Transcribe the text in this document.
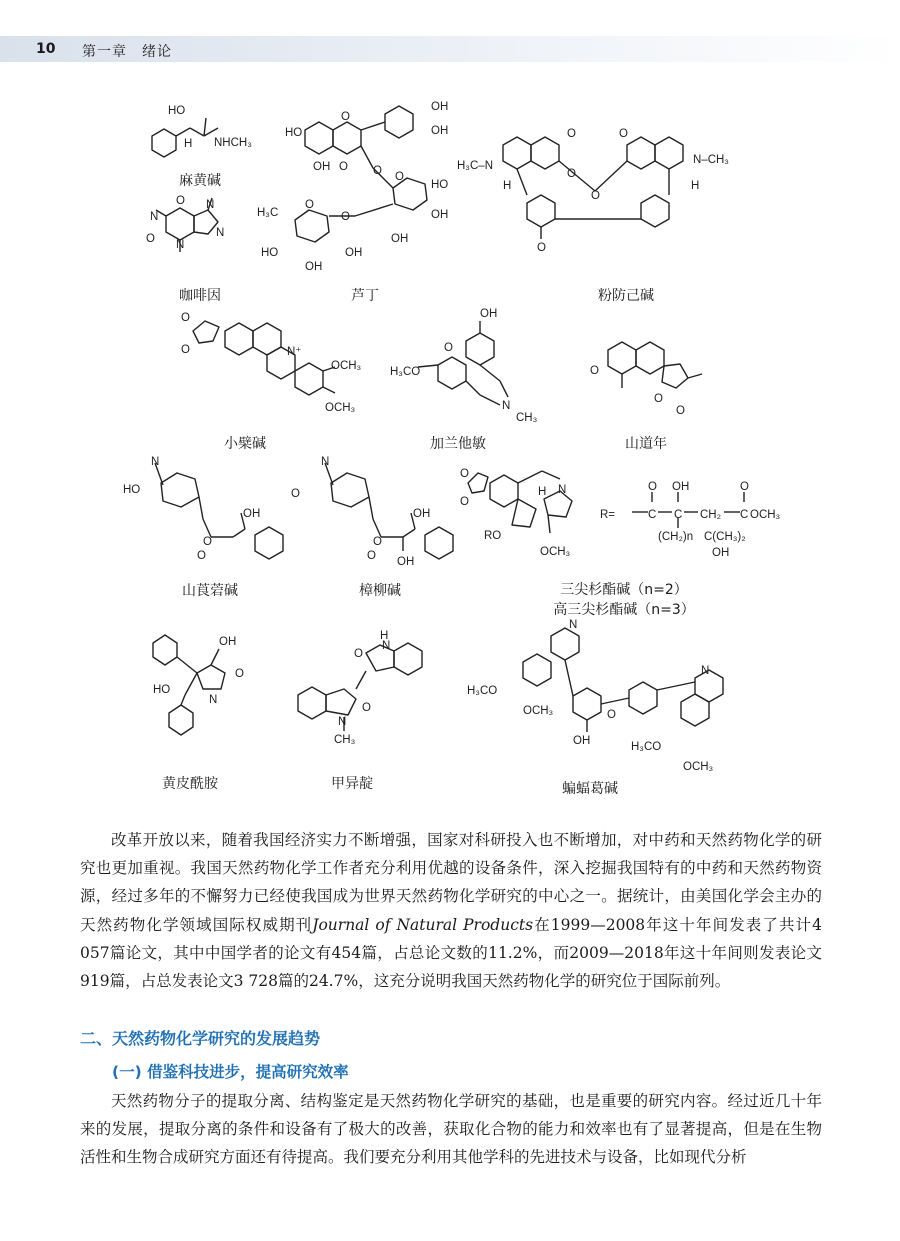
10 第一章　绪论
HO
H NHCH₃
麻黄碱
HO
OH
OH
O
O
OH	O O
O
HO
OH
OH
O
H₃C
HO
OH
OH
芦丁
O
N
N
O N
N
咖啡因
O
O
N–CH₃
H
H₃C–N
H
O
O
O
粉防己碱
O
O	N⁺
OCH₃
OCH₃
小檗碱
OH
O
H₃CO
N
CH₃
加兰他敏
O
O
O
山道年
N
HO
OH
O
O
山莨菪碱
N
O
OH
O
O OH
樟柳碱
O
O
H N
RO
OCH₃
R=
O OH	O
C C CH₂ C OCH₃
(CH₂)n C(CH₃)₂
OH
三尖杉酯碱（n=2）
高三尖杉酯碱（n=3）
OH
HO
N
O
黄皮酰胺
H
N
O
O
N
CH₃
甲异靛
N
H₃CO
OCH₃
OH
O
N
H₃CO
OCH₃
蝙蝠葛碱

改革开放以来，随着我国经济实力不断增强，国家对科研投入也不断增加，对中药和天然药物化学的研究也更加重视。我国天然药物化学工作者充分利用优越的设备条件，深入挖掘我国特有的中药和天然药物资源，经过多年的不懈努力已经使我国成为世界天然药物化学研究的中心之一。据统计，由美国化学会主办的天然药物化学领域国际权威期刊Journal of Natural Products在1999—2008年这十年间发表了共计4 057篇论文，其中中国学者的论文有454篇，占总论文数的11.2%，而2009—2018年这十年间则发表论文919篇，占总发表论文3 728篇的24.7%，这充分说明我国天然药物化学的研究位于国际前列。

二、天然药物化学研究的发展趋势
(一) 借鉴科技进步，提高研究效率

天然药物分子的提取分离、结构鉴定是天然药物化学研究的基础，也是重要的研究内容。经过近几十年来的发展，提取分离的条件和设备有了极大的改善，获取化合物的能力和效率也有了显著提高，但是在生物活性和生物合成研究方面还有待提高。我们要充分利用其他学科的先进技术与设备，比如现代分析
